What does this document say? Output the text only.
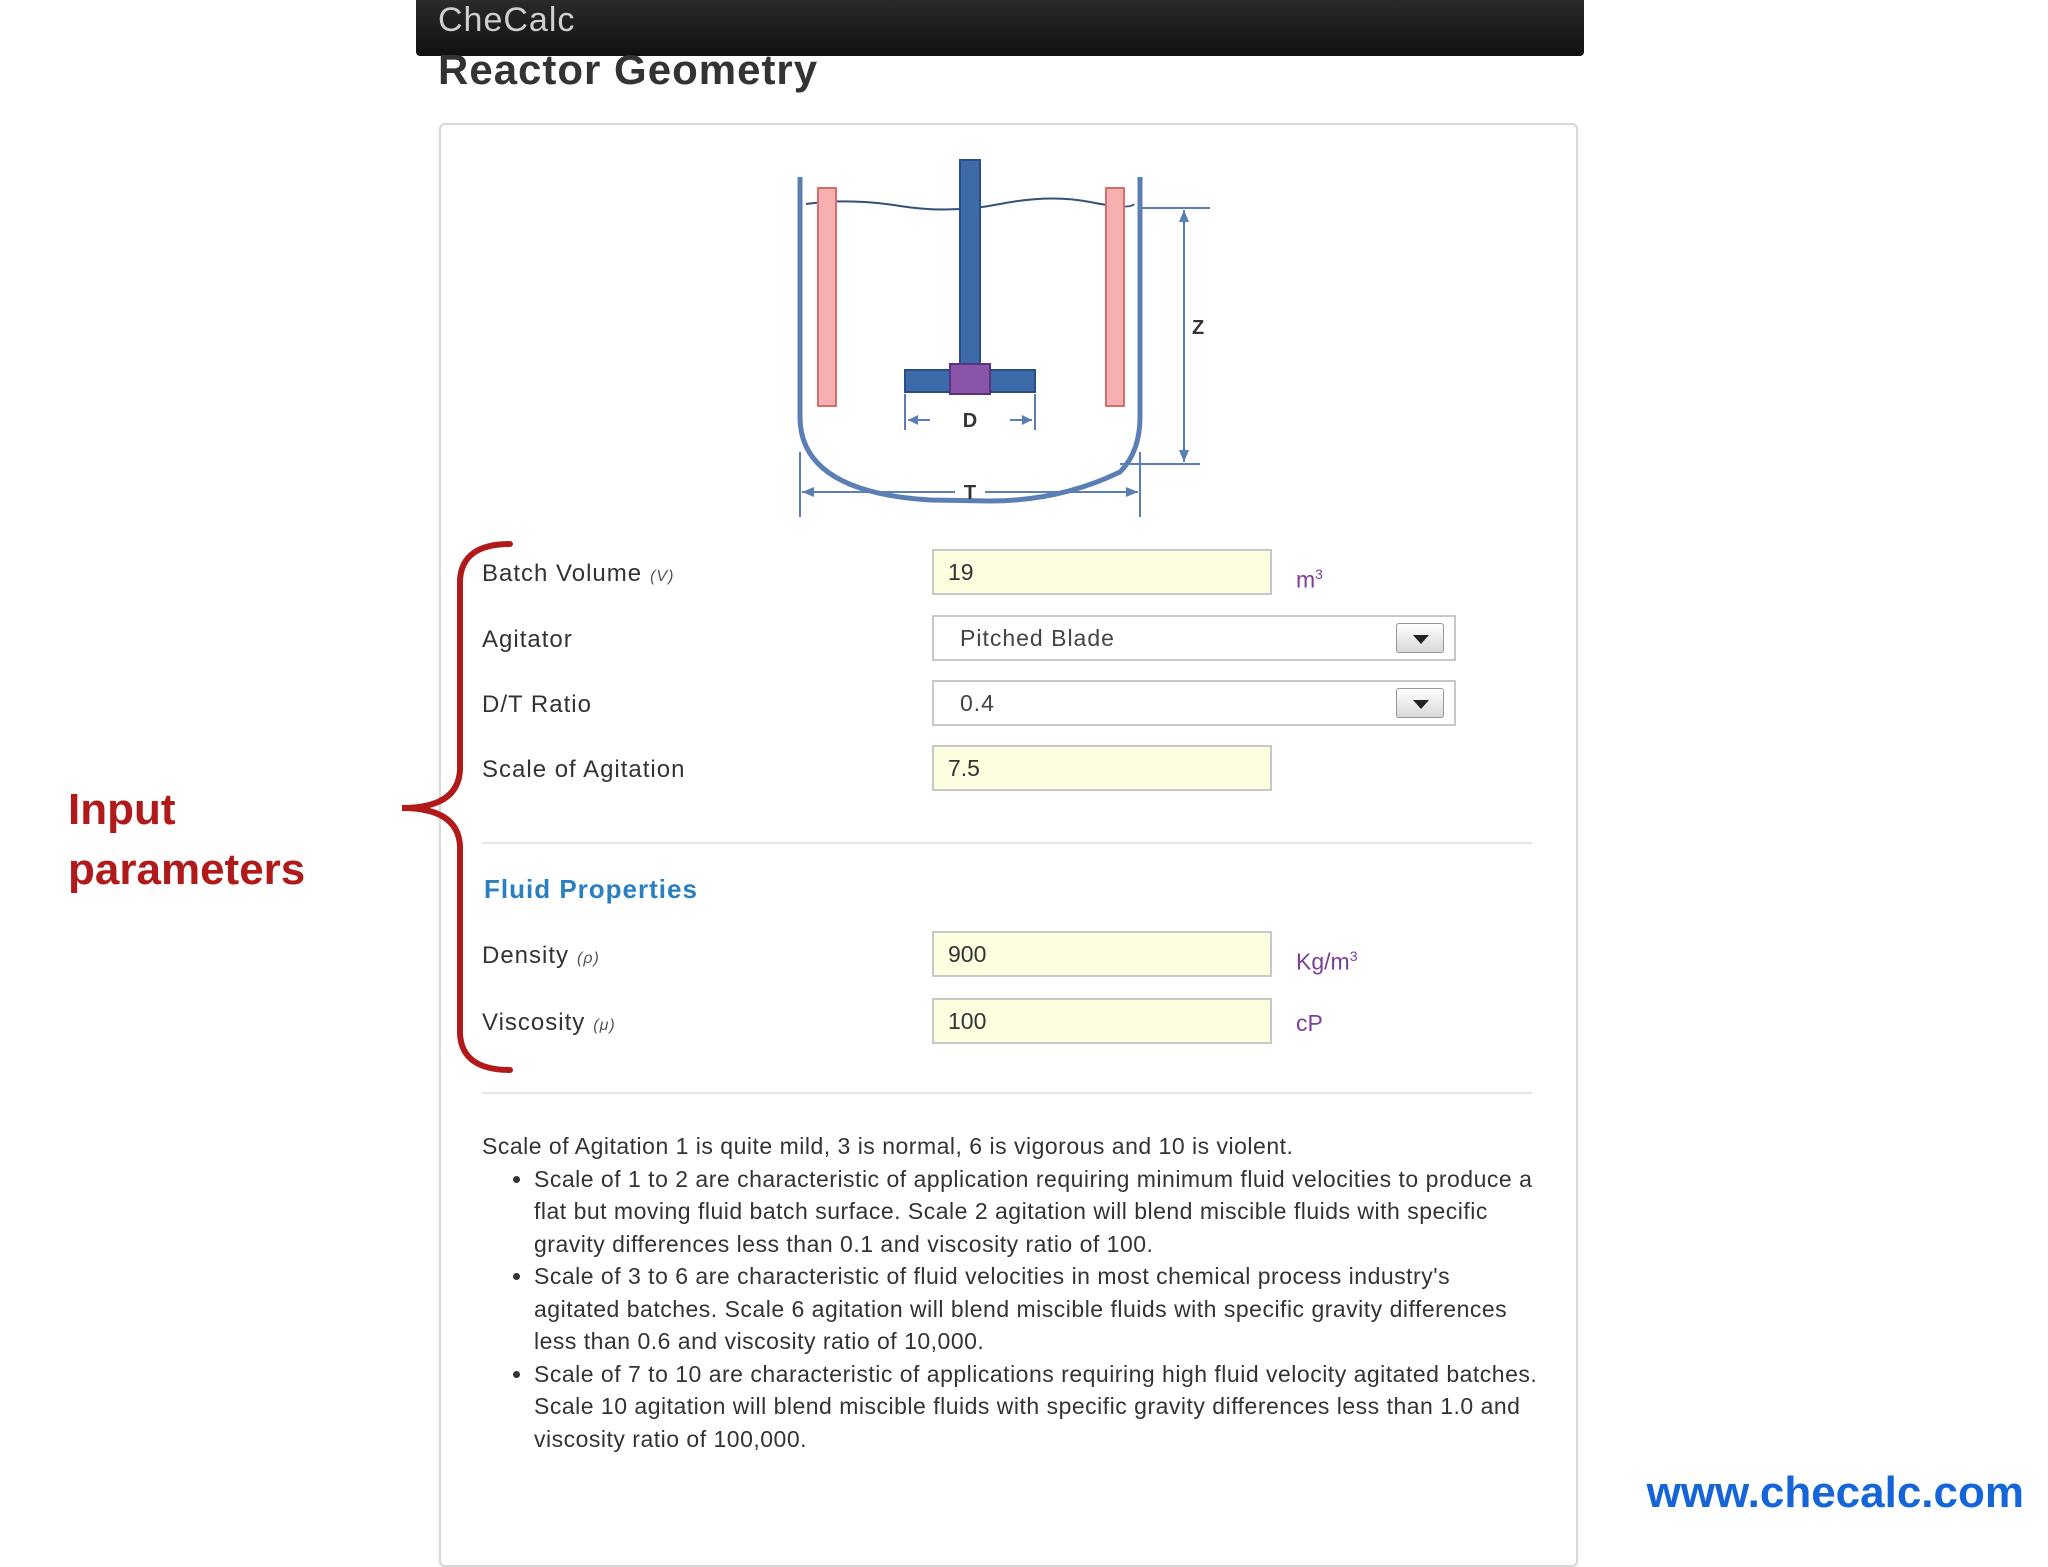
CheCalc
Reactor Geometry
D
Z
T
Batch Volume (V)	19	$m^3$
Agitator	Pitched Blade
D/T Ratio	0.4
Scale of Agitation	7.5
Fluid Properties
Density (ρ)	900	$Kg/m^3$
Viscosity (μ)	100	cP

Scale of Agitation 1 is quite mild, 3 is normal, 6 is vigorous and 10 is violent.

• Scale of 1 to 2 are characteristic of application requiring minimum fluid velocities to produce a flat but moving fluid batch surface. Scale 2 agitation will blend miscible fluids with specific gravity differences less than 0.1 and viscosity ratio of 100.
• Scale of 3 to 6 are characteristic of fluid velocities in most chemical process industry's agitated batches. Scale 6 agitation will blend miscible fluids with specific gravity differences less than 0.6 and viscosity ratio of 10,000.
• Scale of 7 to 10 are characteristic of applications requiring high fluid velocity agitated batches. Scale 10 agitation will blend miscible fluids with specific gravity differences less than 1.0 and viscosity ratio of 100,000.
Input
parameters
www.checalc.com
